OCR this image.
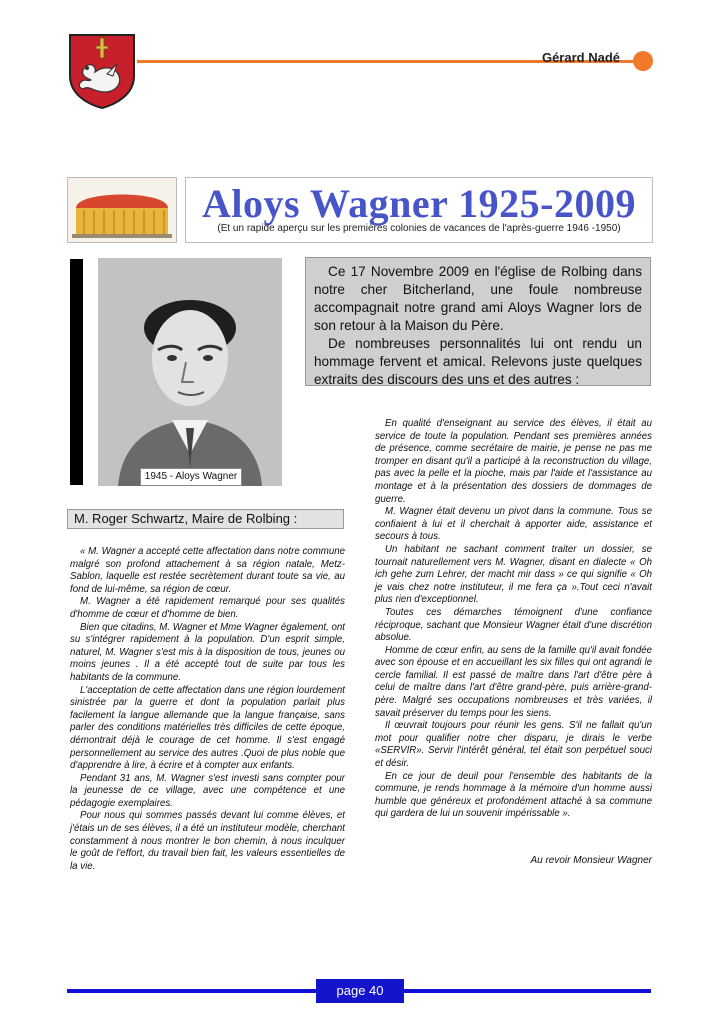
Gérard Nadé
Aloys Wagner 1925-2009
(Et un rapide aperçu sur les premières colonies de vacances de l'après-guerre 1946 -1950)
1945 - Aloys Wagner

Ce 17 Novembre 2009 en l'église de Rolbing dans notre cher Bitcherland, une foule nombreuse accompagnait notre grand ami Aloys Wagner lors de son retour à la Maison du Père.

De nombreuses personnalités lui ont rendu un hommage fervent et amical. Relevons juste quelques extraits des discours des uns et des autres :

M. Roger Schwartz, Maire de Rolbing :

« M. Wagner a accepté cette affectation dans notre commune malgré son profond attachement à sa région natale, Metz-Sablon, laquelle est restée secrètement durant toute sa vie, au fond de lui-même, sa région de cœur.

M. Wagner a été rapidement remarqué pour ses qualités d'homme de cœur et d'homme de bien.

Bien que citadins, M. Wagner et Mme Wagner également, ont su s'intégrer rapidement à la population. D'un esprit simple, naturel, M. Wagner s'est mis à la disposition de tous, jeunes ou moins jeunes . Il a été accepté tout de suite par tous les habitants de la commune.

L'acceptation de cette affectation dans une région lourdement sinistrée par la guerre et dont la population parlait plus facilement la langue allemande que la langue française, sans parler des conditions matérielles très difficiles de cette époque, démontrait déjà le courage de cet homme. Il s'est engagé personnellement au service des autres .Quoi de plus noble que d'apprendre à lire, à écrire et à compter aux enfants.

Pendant 31 ans, M. Wagner s'est investi sans compter pour la jeunesse de ce village, avec une compétence et une pédagogie exemplaires.

Pour nous qui sommes passés devant lui comme élèves, et j'étais un de ses élèves, il a été un instituteur modèle, cherchant constamment à nous montrer le bon chemin, à nous inculquer le goût de l'effort, du travail bien fait, les valeurs essentielles de la vie.

En qualité d'enseignant au service des élèves, il était au service de toute la population. Pendant ses premières années de présence, comme secrétaire de mairie, je pense ne pas me tromper en disant qu'il a participé à la reconstruction du village, pas avec la pelle et la pioche, mais par l'aide et l'assistance au montage et à la présentation des dossiers de dommages de guerre.

M. Wagner était devenu un pivot dans la commune. Tous se confiaient à lui et il cherchait à apporter aide, assistance et secours à tous.

Un habitant ne sachant comment traiter un dossier, se tournait naturellement vers M. Wagner, disant en dialecte « Oh ich gehe zum Lehrer, der macht mir dass » ce qui signifie « Oh je vais chez notre instituteur, il me fera ça ».Tout ceci n'avait plus rien d'exceptionnel.

Toutes ces démarches témoignent d'une confiance réciproque, sachant que Monsieur Wagner était d'une discrétion absolue.

Homme de cœur enfin, au sens de la famille qu'il avait fondée avec son épouse et en accueillant les six filles qui ont agrandi le cercle familial. Il est passé de maître dans l'art d'être père à celui de maître dans l'art d'être grand-père, puis arrière-grand-père. Malgré ses occupations nombreuses et très variées, il savait préserver du temps pour les siens.

Il œuvrait toujours pour réunir les gens. S'il ne fallait qu'un mot pour qualifier notre cher disparu, je dirais le verbe «SERVIR». Servir l'intérêt général, tel était son perpétuel souci et désir.

En ce jour de deuil pour l'ensemble des habitants de la commune, je rends hommage à la mémoire d'un homme aussi humble que généreux et profondément attaché à sa commune qui gardera de lui un souvenir impérissable ».

Au revoir Monsieur Wagner
page 40
